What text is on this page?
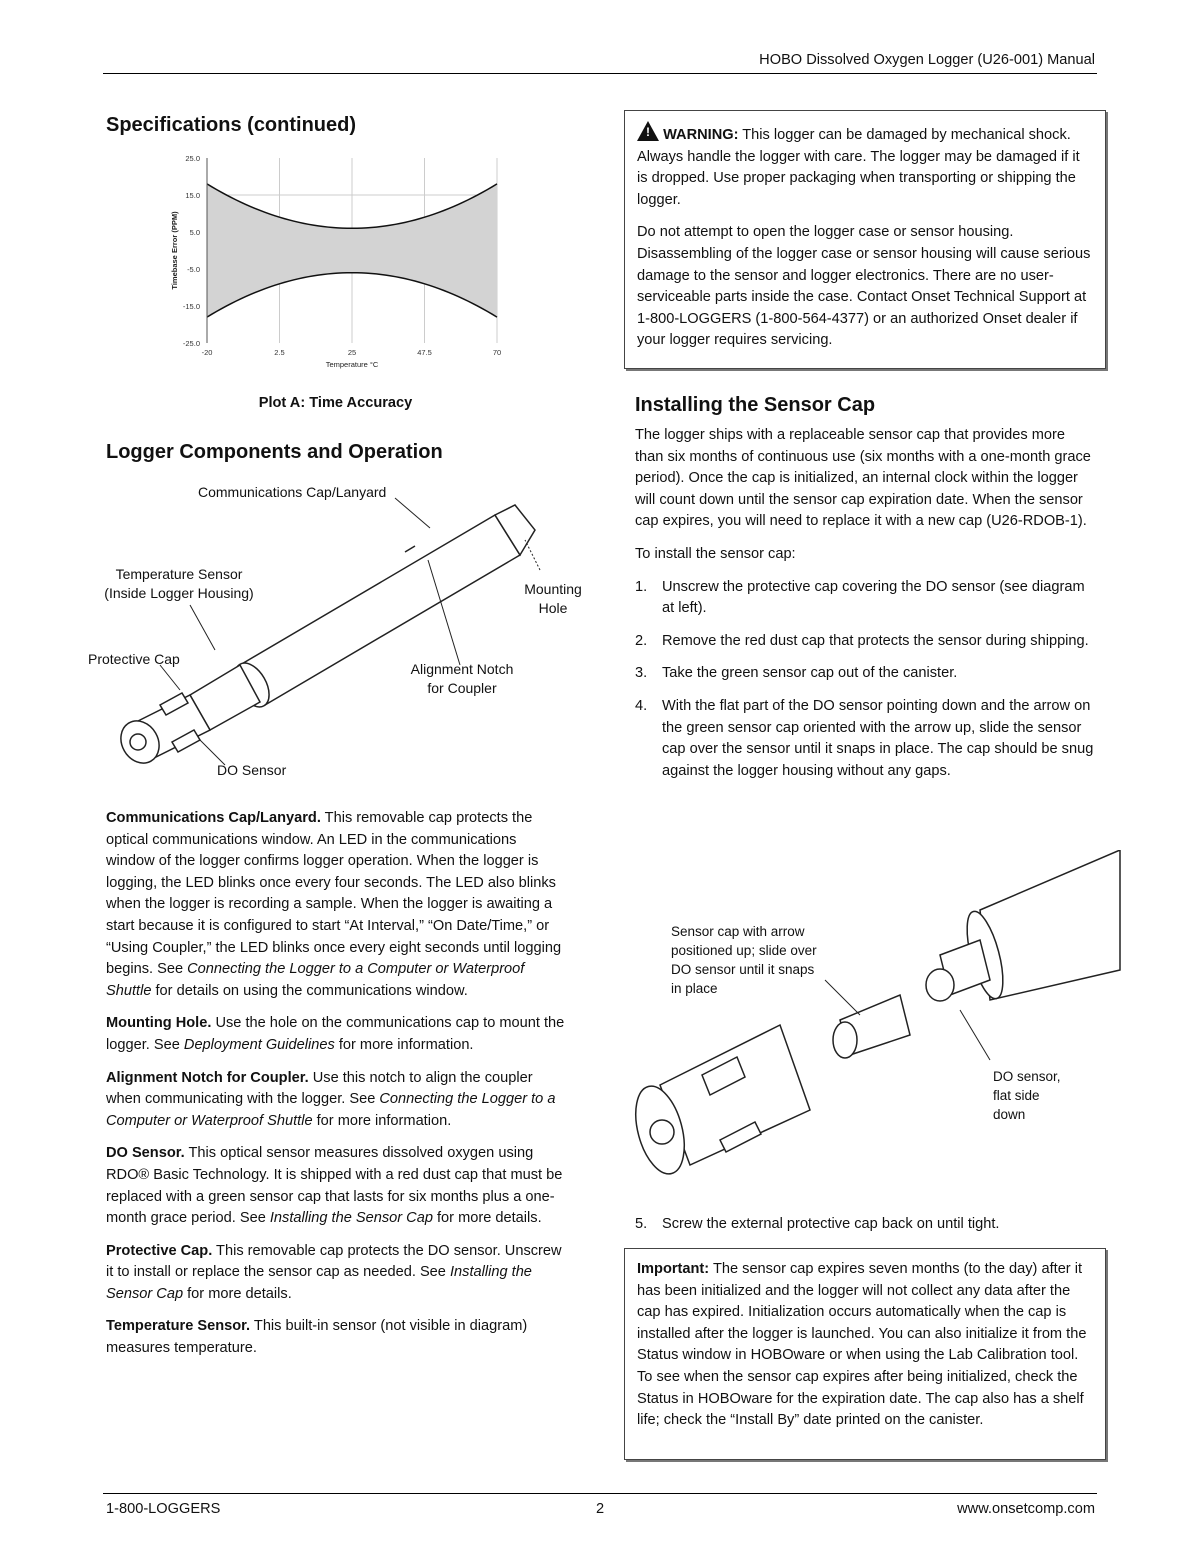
HOBO Dissolved Oxygen Logger (U26-001) Manual
Specifications (continued)
25.0
15.0
5.0
-5.0
-15.0
-25.0
-20	2.5	25	47.5	70
Temperature °C
Timebase Error (PPM)
Plot A: Time Accuracy
Logger Components and Operation
Communications Cap/Lanyard
Temperature Sensor
(Inside Logger Housing)	Mounting
Hole
Protective Cap
Alignment Notch
for Coupler
DO Sensor

Communications Cap/Lanyard. This removable cap protects the optical communications window. An LED in the communications window of the logger confirms logger operation. When the logger is logging, the LED blinks once every four seconds. The LED also blinks when the logger is recording a sample. When the logger is awaiting a start because it is configured to start “At Interval,” “On Date/Time,” or “Using Coupler,” the LED blinks once every eight seconds until logging begins. See Connecting the Logger to a Computer or Waterproof Shuttle for details on using the communications window.

Mounting Hole. Use the hole on the communications cap to mount the logger. See Deployment Guidelines for more information.

Alignment Notch for Coupler. Use this notch to align the coupler when communicating with the logger. See Connecting the Logger to a Computer or Waterproof Shuttle for more information.

DO Sensor. This optical sensor measures dissolved oxygen using RDO® Basic Technology. It is shipped with a red dust cap that must be replaced with a green sensor cap that lasts for six months plus a one-month grace period. See Installing the Sensor Cap for more details.

Protective Cap. This removable cap protects the DO sensor. Unscrew it to install or replace the sensor cap as needed. See Installing the Sensor Cap for more details.

Temperature Sensor. This built-in sensor (not visible in diagram) measures temperature.

! WARNING: This logger can be damaged by mechanical shock. Always handle the logger with care. The logger may be damaged if it is dropped. Use proper packaging when transporting or shipping the logger.

Do not attempt to open the logger case or sensor housing. Disassembling of the logger case or sensor housing will cause serious damage to the sensor and logger electronics. There are no user-serviceable parts inside the case. Contact Onset Technical Support at 1-800-LOGGERS (1-800-564-4377) or an authorized Onset dealer if your logger requires servicing.

Installing the Sensor Cap

The logger ships with a replaceable sensor cap that provides more than six months of continuous use (six months with a one-month grace period). Once the cap is initialized, an internal clock within the logger will count down until the sensor cap expiration date. When the sensor cap expires, you will need to replace it with a new cap (U26-RDOB-1).

To install the sensor cap:

1. Unscrew the protective cap covering the DO sensor (see diagram at left).
2. Remove the red dust cap that protects the sensor during shipping.
3. Take the green sensor cap out of the canister.
4. With the flat part of the DO sensor pointing down and the arrow on the green sensor cap oriented with the arrow up, slide the sensor cap over the sensor until it snaps in place. The cap should be snug against the logger housing without any gaps.
Sensor cap with arrow
positioned up; slide over
DO sensor until it snaps
in place
DO sensor,
flat side
down
5. Screw the external protective cap back on until tight.

Important: The sensor cap expires seven months (to the day) after it has been initialized and the logger will not collect any data after the cap has expired. Initialization occurs automatically when the cap is installed after the logger is launched. You can also initialize it from the Status window in HOBOware or when using the Lab Calibration tool. To see when the sensor cap expires after being initialized, check the Status in HOBOware for the expiration date. The cap also has a shelf life; check the “Install By” date printed on the canister.

1-800-LOGGERS	2	www.onsetcomp.com
